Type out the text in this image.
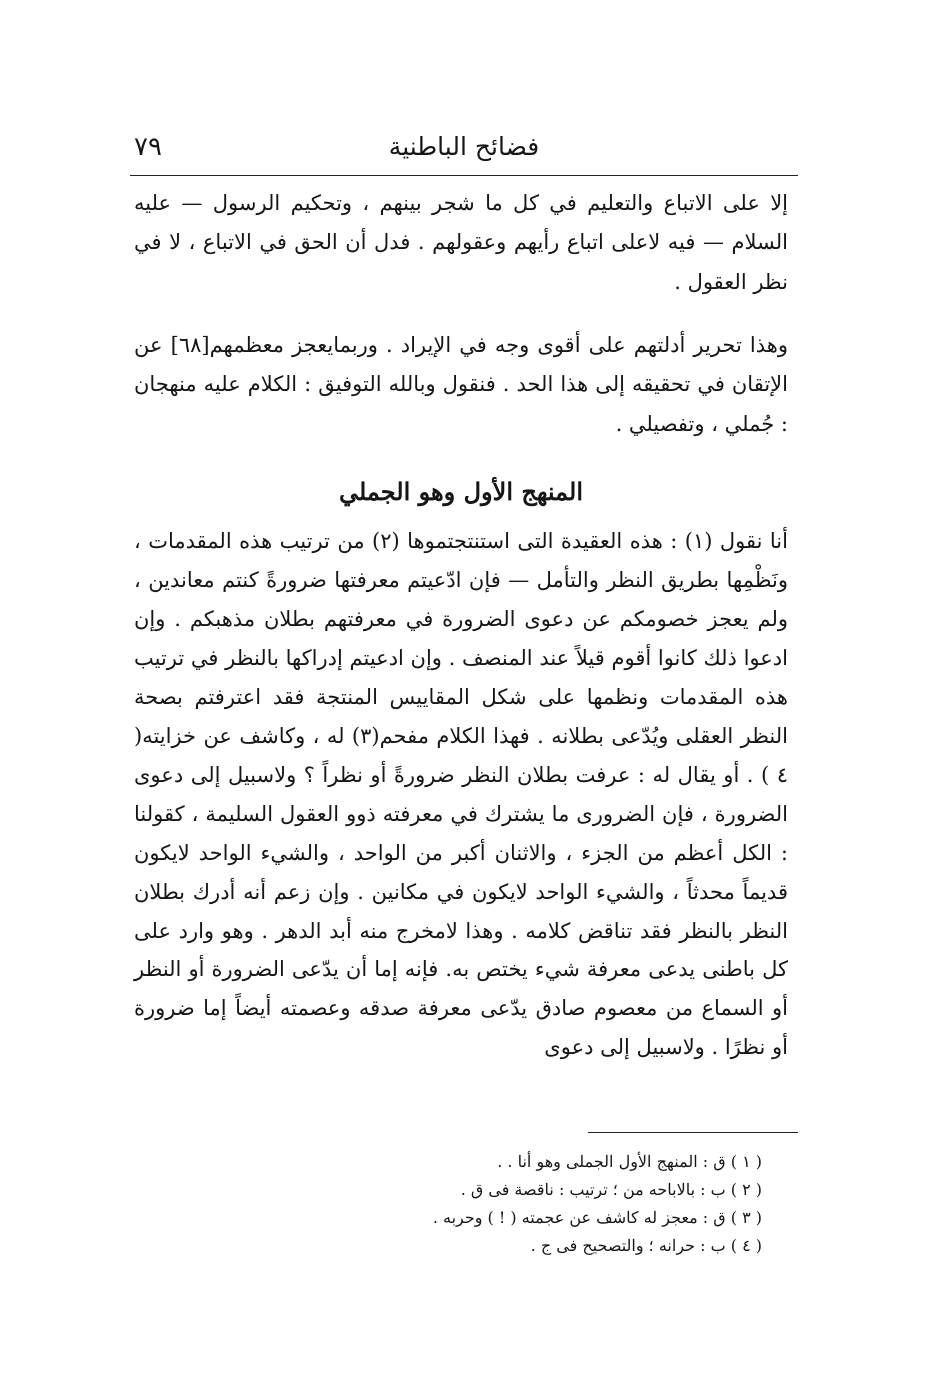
٧٩	فضائح الباطنية

إلا على الاتباع والتعليم في كل ما شجر بينهم ، وتحكيم الرسول — عليه السلام — فيه لاعلى اتباع رأيهم وعقولهم . فدل أن الحق في الاتباع ، لا في نظر العقول .

وهذا تحرير أدلتهم على أقوى وجه في الإيراد . وربمايعجز معظمهم[٦٨] عن الإتقان في تحقيقه إلى هذا الحد . فنقول وبالله التوفيق : الكلام عليه منهجان : جُملي ، وتفصيلي .

المنهج الأول وهو الجملي

أنا نقول (١) : هذه العقيدة التى استنتجتموها (٢) من ترتيب هذه المقدمات ، ونَظْمِها بطريق النظر والتأمل — فإن ادّعيتم معرفتها ضرورةً كنتم معاندين ، ولم يعجز خصومكم عن دعوى الضرورة في معرفتهم بطلان مذهبكم . وإن ادعوا ذلك كانوا أقوم قيلاً عند المنصف . وإن ادعيتم إدراكها بالنظر في ترتيب هذه المقدمات ونظمها على شكل المقاييس المنتجة فقد اعترفتم بصحة النظر العقلى ويُدّعى بطلانه . فهذا الكلام مفحم(٣) له ، وكاشف عن خزايته( ٤ ) . أو يقال له : عرفت بطلان النظر ضرورةً أو نظراً ؟ ولاسبيل إلى دعوى الضرورة ، فإن الضرورى ما يشترك في معرفته ذوو العقول السليمة ، كقولنا : الكل أعظم من الجزء ، والاثنان أكبر من الواحد ، والشيء الواحد لايكون قديماً محدثاً ، والشيء الواحد لايكون في مكانين . وإن زعم أنه أدرك بطلان النظر بالنظر فقد تناقض كلامه . وهذا لامخرج منه أبد الدهر . وهو وارد على كل باطنى يدعى معرفة شيء يختص به. فإنه إما أن يدّعى الضرورة أو النظر أو السماع من معصوم صادق يدّعى معرفة صدقه وعصمته أيضاً إما ضرورة أو نظرًا . ولاسبيل إلى دعوى

( ١ ) ق : المنهج الأول الجملى وهو أنا . .
( ٢ ) ب : بالاباحه من ؛ ترتيب : ناقصة فى ق .
( ٣ ) ق : معجز له كاشف عن عجمته ( ! ) وحربه .
( ٤ ) ب : حرانه ؛ والتصحيح فى ج .
